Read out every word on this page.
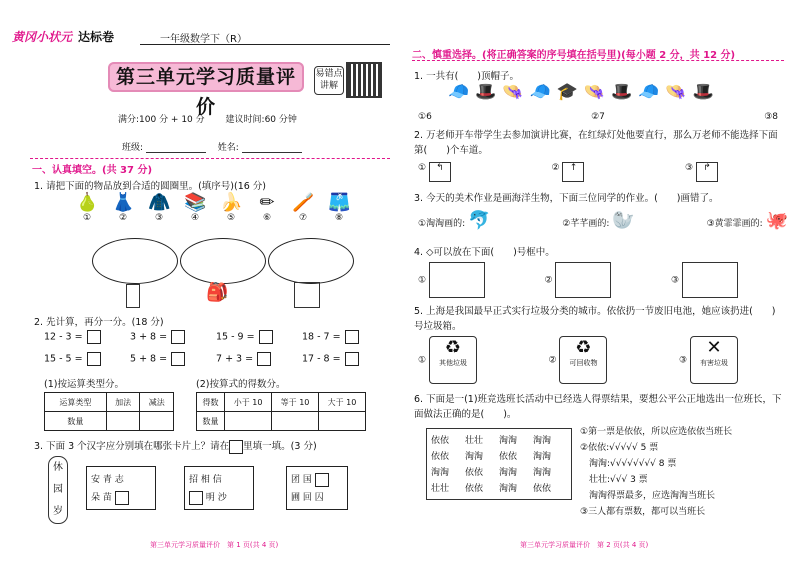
黄冈小状元 达标卷	一年级数学下（R）
第三单元学习质量评价
易错点讲解
满分:100 分 + 10 分 　　 建议时间:60 分钟
班级: 　	姓名:
一、认真填空。(共 37 分)
1. 请把下面的物品放到合适的圆圈里。(填序号)(16 分)
🍐
①
👗
②
🧥
③
📚
④
🍌
⑤
✏
⑥
🪥
⑦
🩳
⑧
🎒
2. 先计算，再分一分。(18 分)
12 - 3 =	3 + 8 =	15 - 9 =	18 - 7 =
15 - 5 =	5 + 8 =	7 + 3 =	17 - 8 =
(1)按运算类型分。	(2)按算式的得数分。
运算类型	加法	减法
数量		
得数	小于 10	等于 10	大于 10
数量			
3. 下面 3 个汉字应分别填在哪张卡片上？请在 里填一填。(3 分)
休
园
岁
安 青 志
朵 苗
招 相 信
明 沙
团 国
圃 回 囚
第三单元学习质量评价　第 1 页(共 4 页)
二、慎重选择。(将正确答案的序号填在括号里)(每小题 2 分，共 12 分)
1. 一共有(　　)顶帽子。
🧢🎩👒🧢🎓👒🎩🧢👒🎩
①6	②7	③8
2. 万老师开车带学生去参加演讲比赛，在红绿灯处他要直行，那么万老师不能选择下面第(　　)个车道。
① ↰	② ↑	③ ↱
3. 今天的美术作业是画海洋生物，下面三位同学的作业。(　　)画错了。
①淘淘画的: 🐬	②芊芊画的: 🦭	③黄霏霏画的: 🐙
4. ◇可以放在下面(　　)号框中。
①	②	③
5. 上海是我国最早正式实行垃圾分类的城市。依依扔一节废旧电池，她应该扔进(　　)号垃圾箱。
①
♻
其他垃圾	②
♻
可回收物	③
✕
有害垃圾
6. 下面是一(1)班竞选班长活动中已经选人得票结果，要想公平公正地选出一位班长，下面做法正确的是(　　)。
依依 壮壮 淘淘 淘淘
依依 淘淘 依依 淘淘
淘淘 依依 淘淘 淘淘
壮壮 依依 淘淘 依依
①第一票是依依，所以应选依依当班长
②依依:√√√√√ 5 票
　淘淘:√√√√√√√√ 8 票
　壮壮:√√√ 3 票
　淘淘得票最多，应选淘淘当班长
③三人都有票数，都可以当班长
第三单元学习质量评价　第 2 页(共 4 页)
